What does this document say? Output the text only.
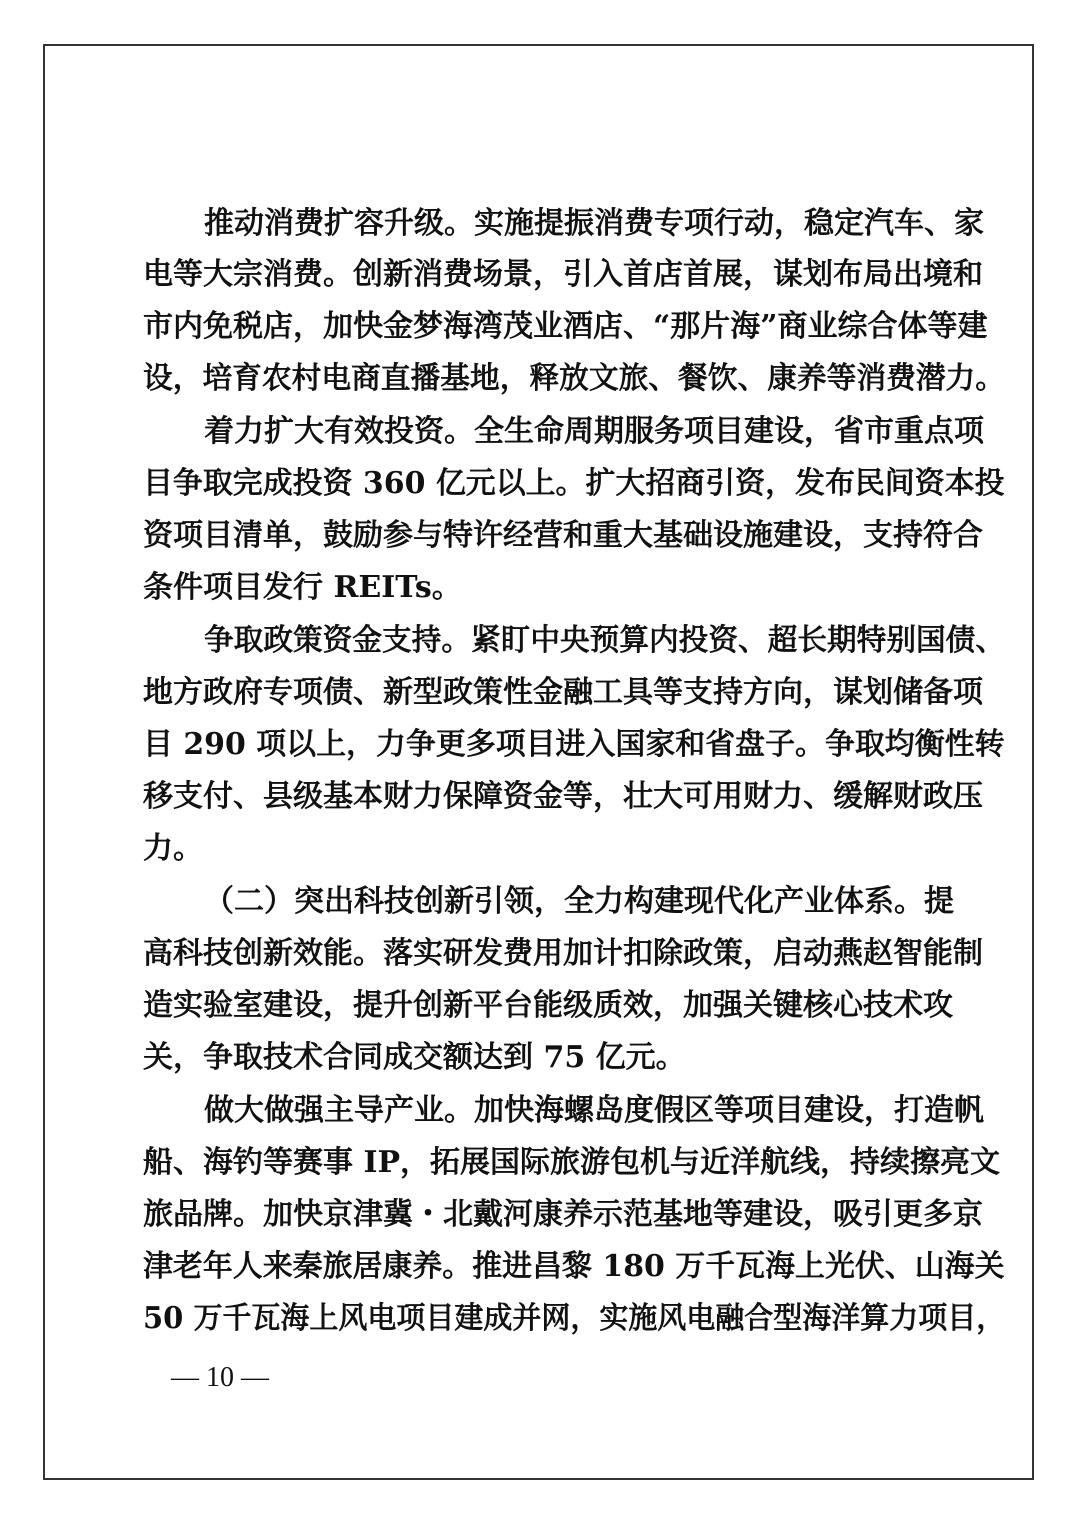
推动消费扩容升级。实施提振消费专项行动，稳定汽车、家
电等大宗消费。创新消费场景，引入首店首展，谋划布局出境和
市内免税店，加快金梦海湾茂业酒店、“那片海”商业综合体等建
设，培育农村电商直播基地，释放文旅、餐饮、康养等消费潜力。
着力扩大有效投资。全生命周期服务项目建设，省市重点项
目争取完成投资 360 亿元以上。扩大招商引资，发布民间资本投
资项目清单，鼓励参与特许经营和重大基础设施建设，支持符合
条件项目发行 REITs。
争取政策资金支持。紧盯中央预算内投资、超长期特别国债、
地方政府专项债、新型政策性金融工具等支持方向，谋划储备项
目 290 项以上，力争更多项目进入国家和省盘子。争取均衡性转
移支付、县级基本财力保障资金等，壮大可用财力、缓解财政压
力。
（二）突出科技创新引领，全力构建现代化产业体系。提
高科技创新效能。落实研发费用加计扣除政策，启动燕赵智能制
造实验室建设，提升创新平台能级质效，加强关键核心技术攻
关，争取技术合同成交额达到 75 亿元。
做大做强主导产业。加快海螺岛度假区等项目建设，打造帆
船、海钓等赛事 IP，拓展国际旅游包机与近洋航线，持续擦亮文
旅品牌。加快京津冀・北戴河康养示范基地等建设，吸引更多京
津老年人来秦旅居康养。推进昌黎 180 万千瓦海上光伏、山海关
50 万千瓦海上风电项目建成并网，实施风电融合型海洋算力项目，
— 10 —
